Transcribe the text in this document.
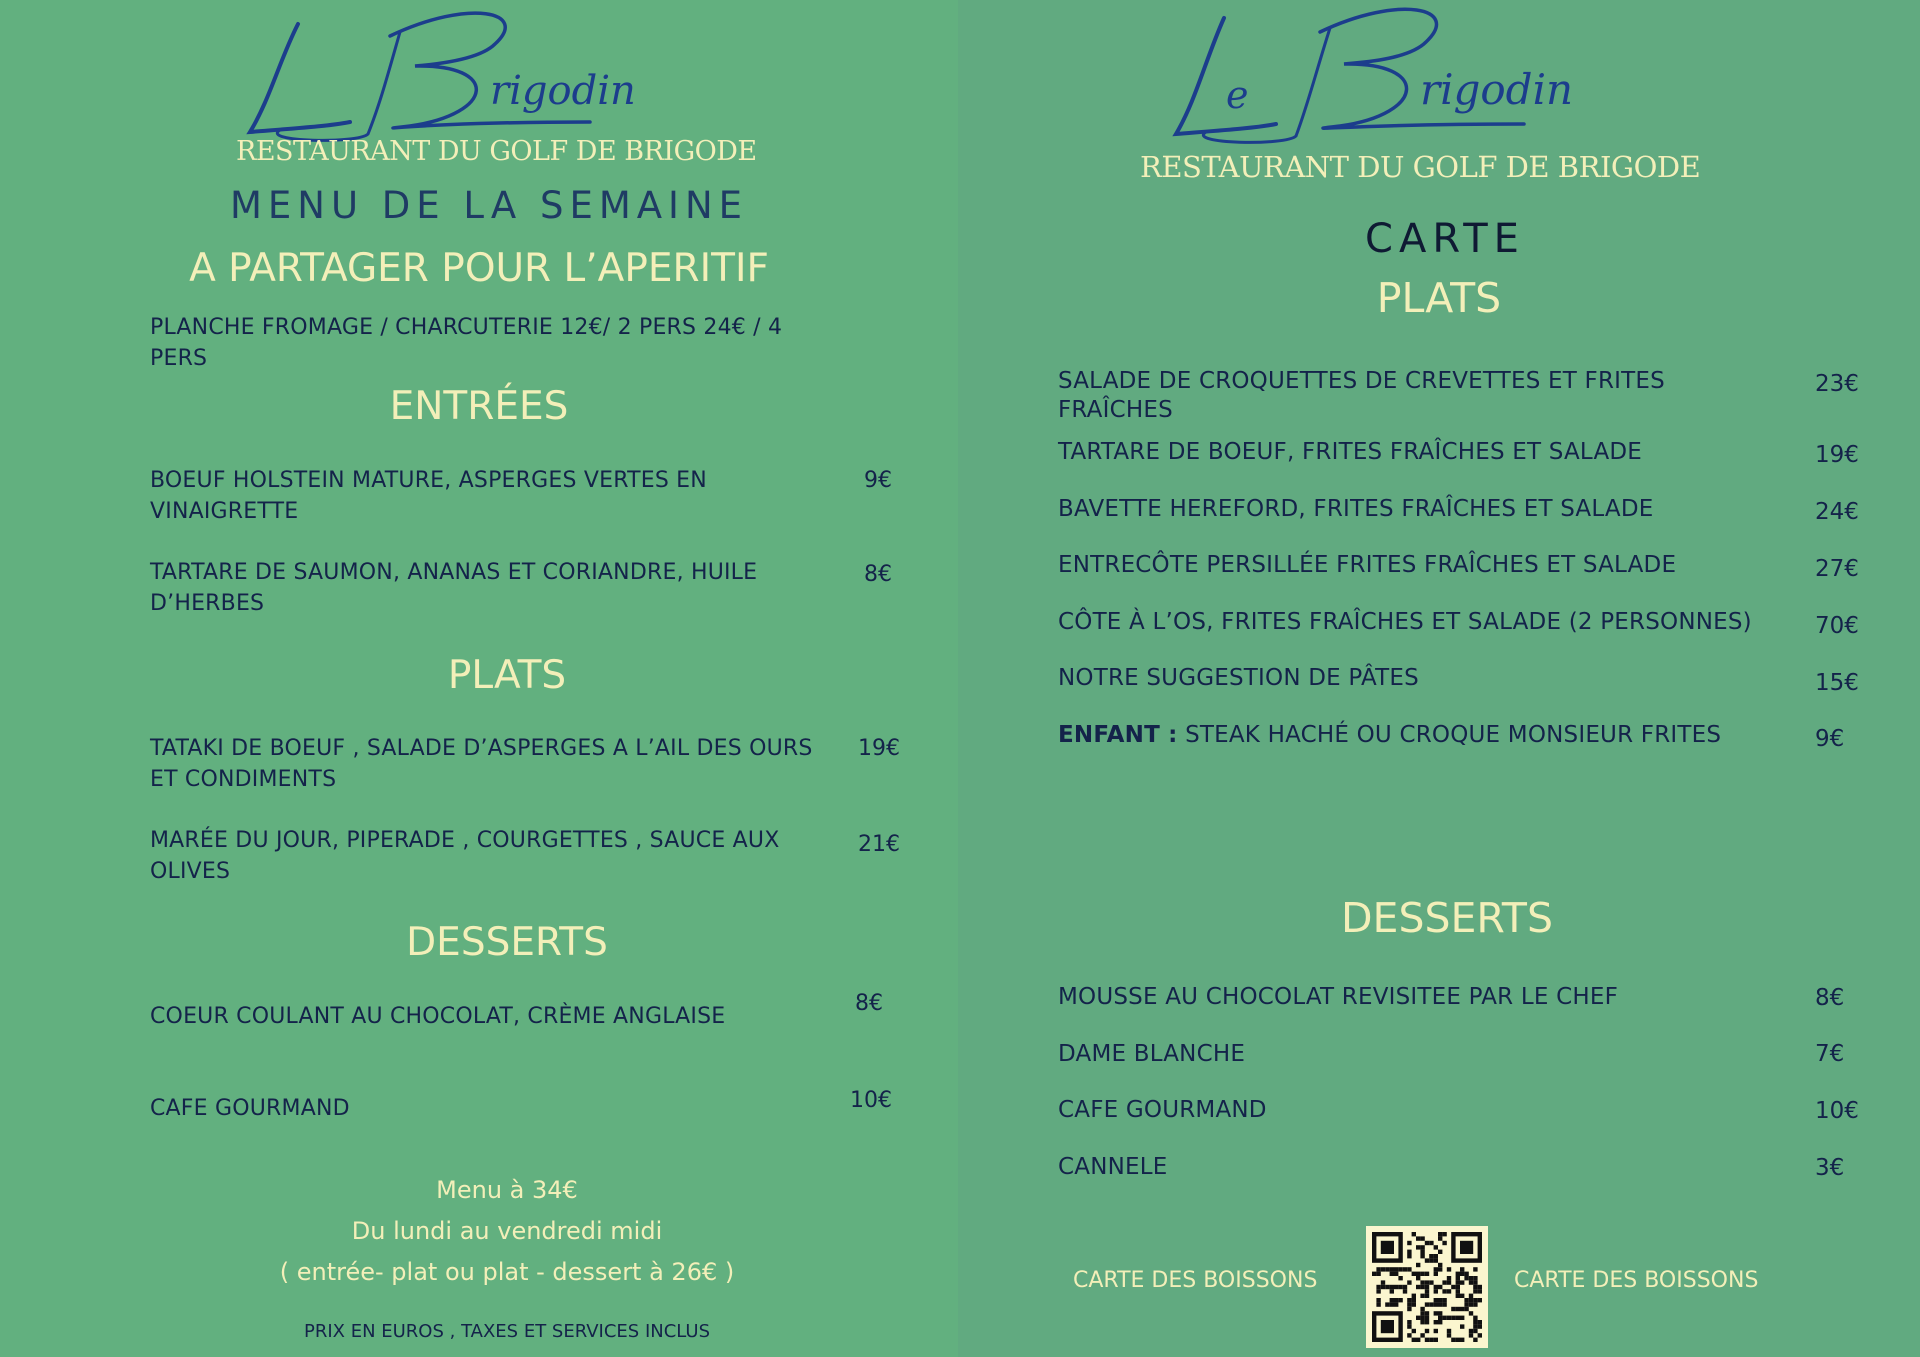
rigodin
RESTAURANT DU GOLF DE BRIGODE
MENU DE LA SEMAINE
A PARTAGER POUR L’APERITIF
PLANCHE FROMAGE / CHARCUTERIE 12€/ 2 PERS 24€ / 4
PERS
ENTRÉES
BOEUF HOLSTEIN MATURE, ASPERGES VERTES EN
VINAIGRETTE
9€
TARTARE DE SAUMON, ANANAS ET CORIANDRE, HUILE
D’HERBES
8€
PLATS
TATAKI DE BOEUF , SALADE D’ASPERGES A L’AIL DES OURS
ET CONDIMENTS
19€
MARÉE DU JOUR, PIPERADE , COURGETTES , SAUCE AUX
OLIVES
21€
DESSERTS
COEUR COULANT AU CHOCOLAT, CRÈME ANGLAISE
8€
CAFE GOURMAND	10€
Menu à 34€
Du lundi au vendredi midi
( entrée- plat ou plat - dessert à 26€ )
PRIX EN EUROS , TAXES ET SERVICES INCLUS
e	rigodin
RESTAURANT DU GOLF DE BRIGODE
CARTE
PLATS
SALADE DE CROQUETTES DE CREVETTES ET FRITES
FRAÎCHES
23€
TARTARE DE BOEUF, FRITES FRAÎCHES ET SALADE	19€
BAVETTE HEREFORD, FRITES FRAÎCHES ET SALADE	24€
ENTRECÔTE PERSILLÉE FRITES FRAÎCHES ET SALADE	27€
CÔTE À L’OS, FRITES FRAÎCHES ET SALADE (2 PERSONNES)	70€
NOTRE SUGGESTION DE PÂTES	15€
ENFANT : STEAK HACHÉ OU CROQUE MONSIEUR FRITES	9€
DESSERTS
MOUSSE AU CHOCOLAT REVISITEE PAR LE CHEF	8€
DAME BLANCHE	7€
CAFE GOURMAND	10€
CANNELE	3€
CARTE DES BOISSONS	CARTE DES BOISSONS
